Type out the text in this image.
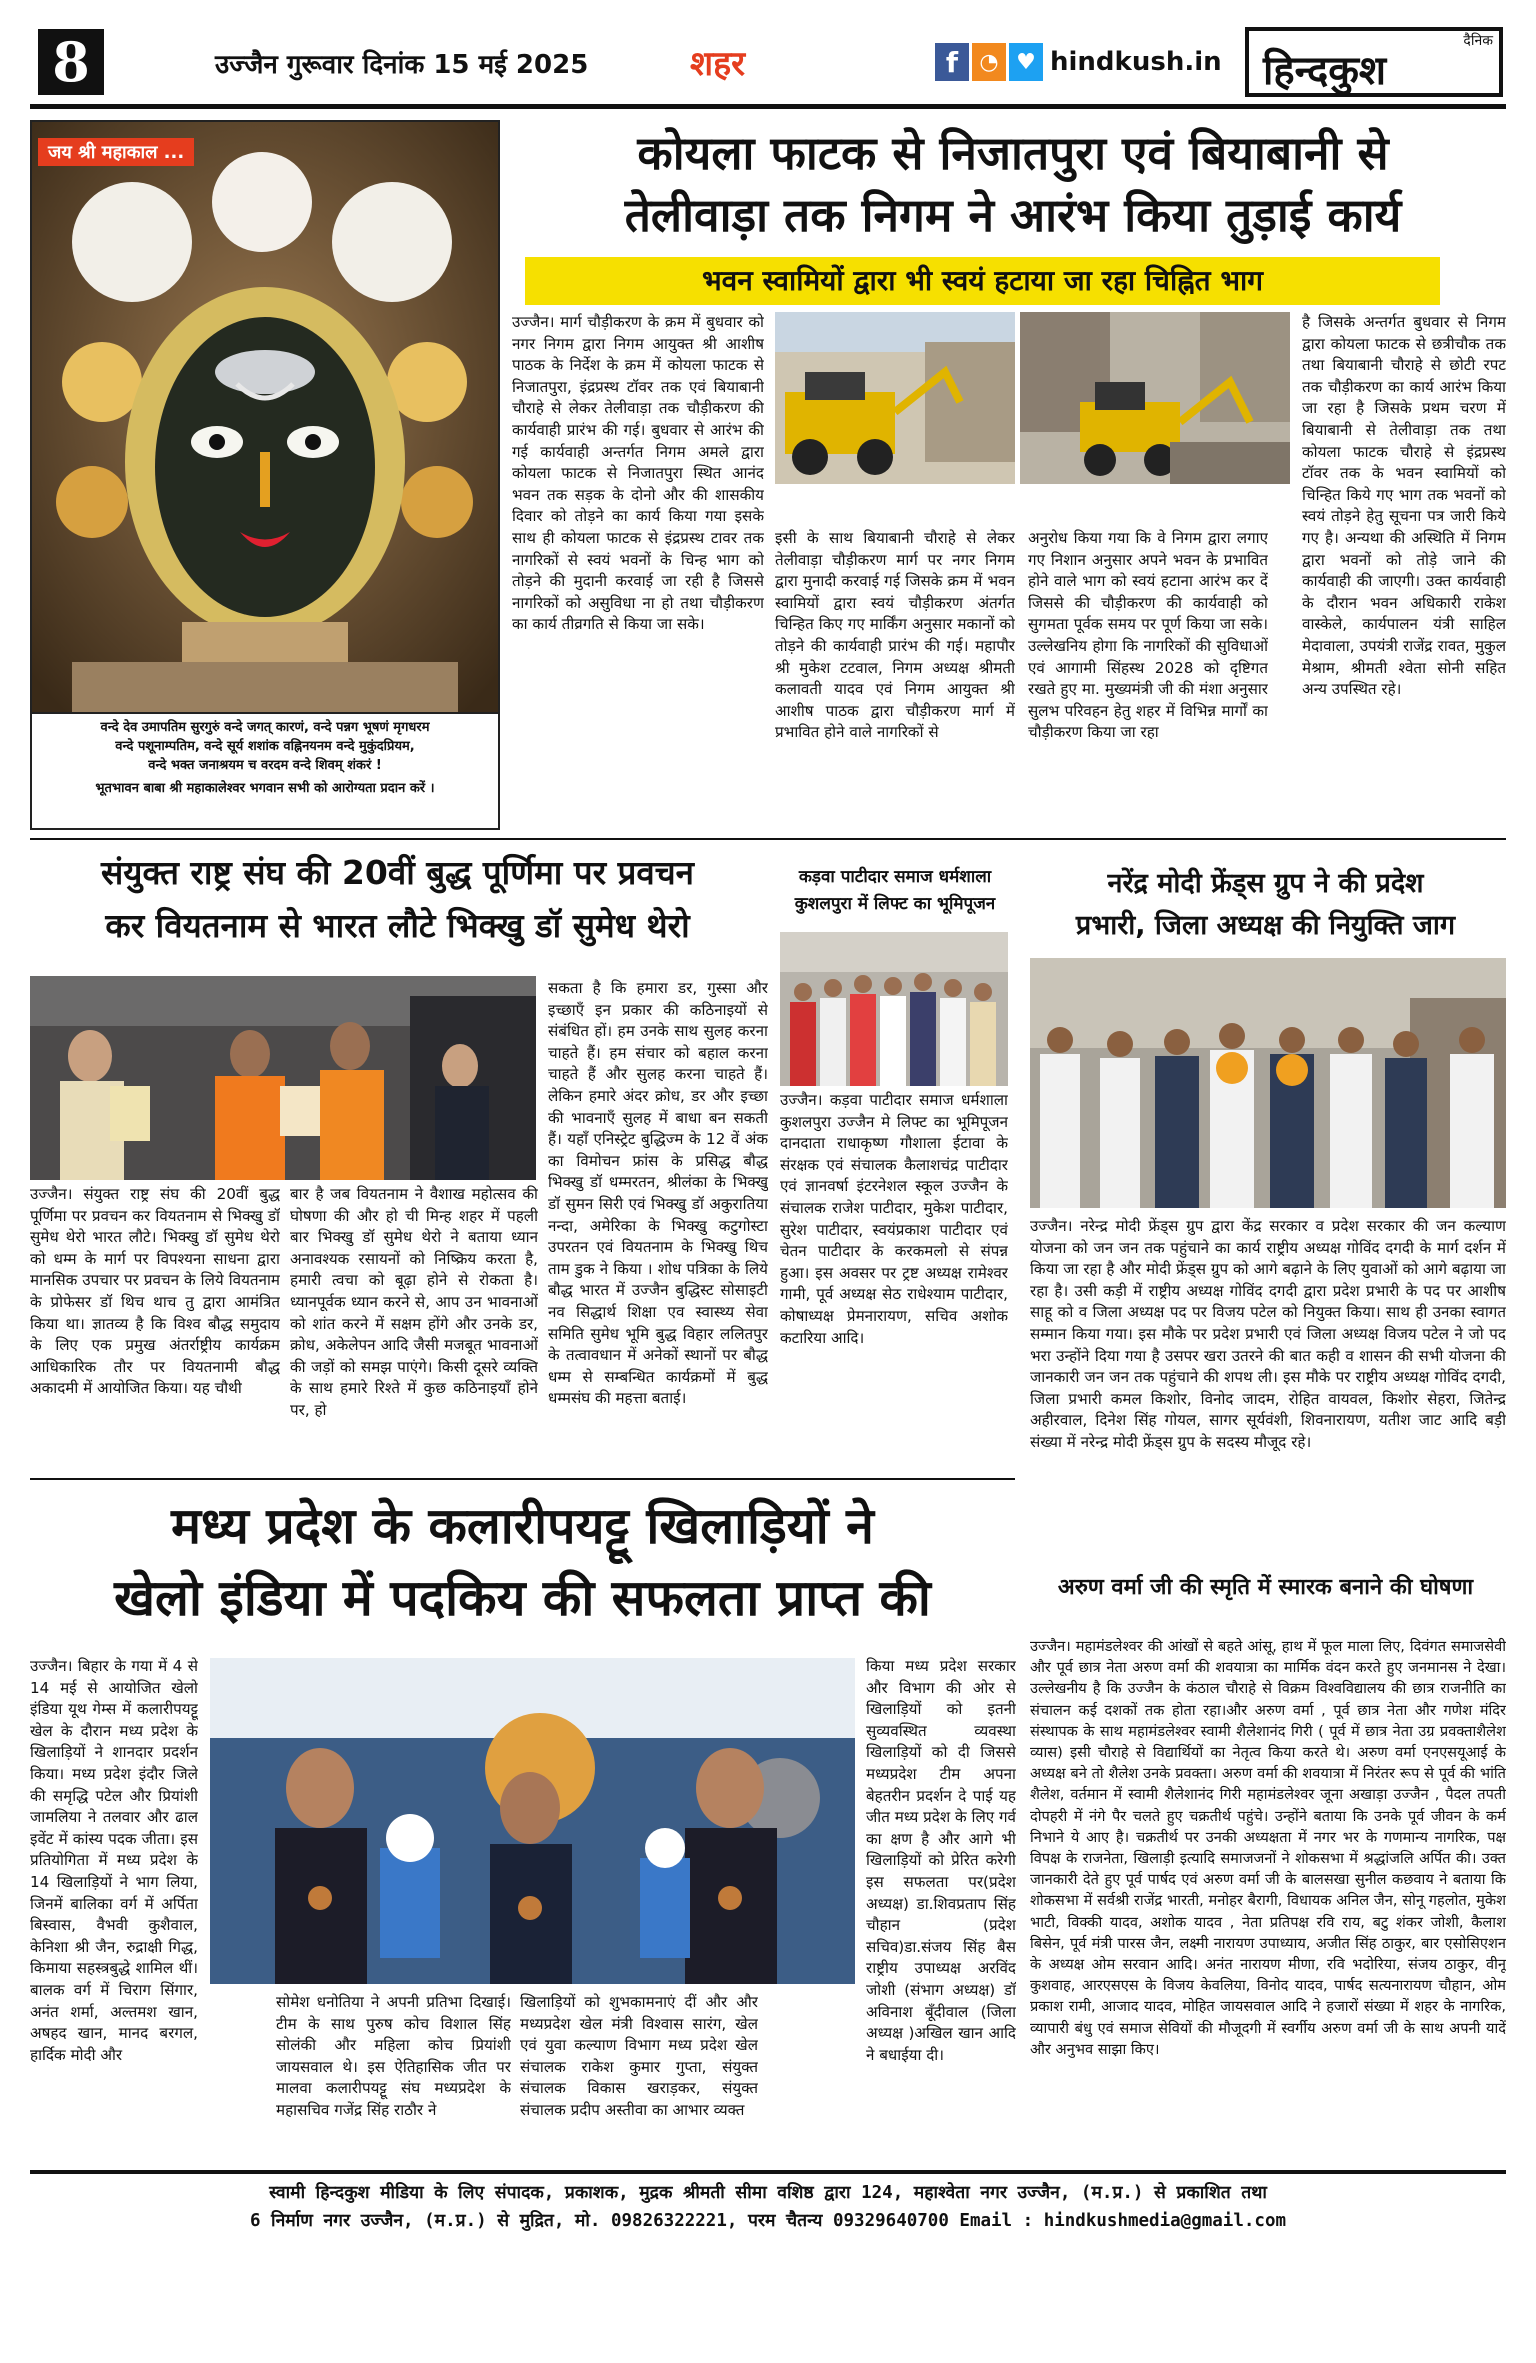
8	उज्जैन गुरूवार दिनांक 15 मई 2025	शहर	f ◔ ♥ hindkush.in
दैनिक
हिन्दकुश
जय श्री महाकाल ...
वन्दे देव उमापतिम सुरगुरुं वन्दे जगत् कारणं, वन्दे पन्नग भूषणं मृगधरम
वन्दे पशूनाम्पतिम, वन्दे सूर्य शशांक वह्निनयनम वन्दे मुकुंदप्रियम,
वन्दे भक्त जनाश्रयम च वरदम वन्दे शिवम् शंकरं !
भूतभावन बाबा श्री महाकालेश्वर भगवान सभी को आरोग्यता प्रदान करें ।
कोयला फाटक से निजातपुरा एवं बियाबानी से
तेलीवाड़ा तक निगम ने आरंभ किया तुड़ाई कार्य
भवन स्वामियों द्वारा भी स्वयं हटाया जा रहा चिह्नित भाग
उज्जैन। मार्ग चौड़ीकरण के क्रम में बुधवार को नगर निगम द्वारा निगम आयुक्त श्री आशीष पाठक के निर्देश के क्रम में कोयला फाटक से निजातपुरा, इंद्रप्रस्थ टॉवर तक एवं बियाबानी चौराहे से लेकर तेलीवाड़ा तक चौड़ीकरण की कार्यवाही प्रारंभ की गई। बुधवार से आरंभ की गई कार्यवाही अन्तर्गत निगम अमले द्वारा कोयला फाटक से निजातपुरा स्थित आनंद भवन तक सड़क के दोनो और की शासकीय दिवार को तोड़ने का कार्य किया गया इसके साथ ही कोयला फाटक से इंद्रप्रस्थ टावर तक नागरिकों से स्वयं भवनों के चिन्ह भाग को तोड़ने की मुदानी करवाई जा रही है जिससे नागरिकों को असुविधा ना हो तथा चौड़ीकरण का कार्य तीव्रगति से किया जा सके।
इसी के साथ बियाबानी चौराहे से लेकर तेलीवाड़ा चौड़ीकरण मार्ग पर नगर निगम द्वारा मुनादी करवाई गई जिसके क्रम में भवन स्वामियों द्वारा स्वयं चौड़ीकरण अंतर्गत चिन्हित किए गए मार्किंग अनुसार मकानों को तोड़ने की कार्यवाही प्रारंभ की गई। महापौर श्री मुकेश टटवाल, निगम अध्यक्ष श्रीमती कलावती यादव एवं निगम आयुक्त श्री आशीष पाठक द्वारा चौड़ीकरण मार्ग में प्रभावित होने वाले नागरिकों से
अनुरोध किया गया कि वे निगम द्वारा लगाए गए निशान अनुसार अपने भवन के प्रभावित होने वाले भाग को स्वयं हटाना आरंभ कर दें जिससे की चौड़ीकरण की कार्यवाही को सुगमता पूर्वक समय पर पूर्ण किया जा सके। उल्लेखनिय होगा कि नागरिकों की सुविधाओं एवं आगामी सिंहस्थ 2028 को दृष्टिगत रखते हुए मा. मुख्यमंत्री जी की मंशा अनुसार सुलभ परिवहन हेतु शहर में विभिन्न मार्गों का चौड़ीकरण किया जा रहा
है जिसके अन्तर्गत बुधवार से निगम द्वारा कोयला फाटक से छत्रीचौक तक तथा बियाबानी चौराहे से छोटी रपट तक चौड़ीकरण का कार्य आरंभ किया जा रहा है जिसके प्रथम चरण में बियाबानी से तेलीवाड़ा तक तथा कोयला फाटक चौराहे से इंद्रप्रस्थ टॉवर तक के भवन स्वामियों को चिन्हित किये गए भाग तक भवनों को स्वयं तोड़ने हेतु सूचना पत्र जारी किये गए है। अन्यथा की अस्थिति में निगम द्वारा भवनों को तोड़े जाने की कार्यवाही की जाएगी। उक्त कार्यवाही के दौरान भवन अधिकारी राकेश वास्केले, कार्यपालन यंत्री साहिल मेदावाला, उपयंत्री राजेंद्र रावत, मुकुल मेश्राम, श्रीमती श्वेता सोनी सहित अन्य उपस्थित रहे।
संयुक्त राष्ट्र संघ की 20वीं बुद्ध पूर्णिमा पर प्रवचन
कर वियतनाम से भारत लौटे भिक्खु डॉ सुमेध थेरो
उज्जैन। संयुक्त राष्ट्र संघ की 20वीं बुद्ध पूर्णिमा पर प्रवचन कर वियतनाम से भिक्खु डॉ सुमेध थेरो भारत लौटे। भिक्खु डॉ सुमेध थेरो को धम्म के मार्ग पर विपश्यना साधना द्वारा मानसिक उपचार पर प्रवचन के लिये वियतनाम के प्रोफेसर डॉ थिच थाच तु द्वारा आमंत्रित किया था। ज्ञातव्य है कि विश्व बौद्ध समुदाय के लिए एक प्रमुख अंतर्राष्ट्रीय कार्यक्रम आधिकारिक तौर पर वियतनामी बौद्ध अकादमी में आयोजित किया। यह चौथी
बार है जब वियतनाम ने वैशाख महोत्सव की घोषणा की और हो ची मिन्ह शहर में पहली बार भिक्खु डॉ सुमेध थेरो ने बताया ध्यान अनावश्यक रसायनों को निष्क्रिय करता है, हमारी त्वचा को बूढ़ा होने से रोकता है। ध्यानपूर्वक ध्यान करने से, आप उन भावनाओं को शांत करने में सक्षम होंगे और उनके डर, क्रोध, अकेलेपन आदि जैसी मजबूत भावनाओं की जड़ों को समझ पाएंगे। किसी दूसरे व्यक्ति के साथ हमारे रिश्ते में कुछ कठिनाइयाँ होने पर, हो
सकता है कि हमारा डर, गुस्सा और इच्छाएँ इन प्रकार की कठिनाइयों से संबंधित हों। हम उनके साथ सुलह करना चाहते हैं। हम संचार को बहाल करना चाहते हैं और सुलह करना चाहते हैं। लेकिन हमारे अंदर क्रोध, डर और इच्छा की भावनाएँ सुलह में बाधा बन सकती हैं। यहाँ एनिस्ट्रेट बुद्धिज्म के 12 वें अंक का विमोचन फ्रांस के प्रसिद्ध बौद्ध भिक्खु डॉ धम्मरतन, श्रीलंका के भिक्खु डॉ सुमन सिरी एवं भिक्खु डॉ अकुरातिया नन्दा, अमेरिका के भिक्खु कटुगोस्टा उपरतन एवं वियतनाम के भिक्खु थिच ताम डुक ने किया । शोध पत्रिका के लिये बौद्ध भारत में उज्जैन बुद्धिस्ट सोसाइटी नव सिद्धार्थ शिक्षा एव स्वास्थ्य सेवा समिति सुमेध भूमि बुद्ध विहार ललितपुर के तत्वावधान में अनेकों स्थानों पर बौद्ध धम्म से सम्बन्धित कार्यक्रमों में बुद्ध धम्मसंघ की महत्ता बताई।
कड़वा पाटीदार समाज धर्मशाला
कुशलपुरा में लिफ्ट का भूमिपूजन
उज्जैन। कड़वा पाटीदार समाज धर्मशाला कुशलपुरा उज्जैन मे लिफ्ट का भूमिपूजन दानदाता राधाकृष्ण गौशाला ईटावा के संरक्षक एवं संचालक कैलाशचंद्र पाटीदार एवं ज्ञानवर्षा इंटरनेशल स्कूल उज्जैन के संचालक राजेश पाटीदार, मुकेश पाटीदार, सुरेश पाटीदार, स्वयंप्रकाश पाटीदार एवं चेतन पाटीदार के करकमलो से संपन्न हुआ। इस अवसर पर ट्रष्ट अध्यक्ष रामेश्वर गामी, पूर्व अध्यक्ष सेठ राधेश्याम पाटीदार, कोषाध्यक्ष प्रेमनारायण, सचिव अशोक कटारिया आदि।
नरेंद्र मोदी फ्रेंड्स ग्रुप ने की प्रदेश
प्रभारी, जिला अध्यक्ष की नियुक्ति जाग
उज्जैन। नरेन्द्र मोदी फ्रेंड्स ग्रुप द्वारा केंद्र सरकार व प्रदेश सरकार की जन कल्याण योजना को जन जन तक पहुंचाने का कार्य राष्ट्रीय अध्यक्ष गोविंद दगदी के मार्ग दर्शन में किया जा रहा है और मोदी फ्रेंड्स ग्रुप को आगे बढ़ाने के लिए युवाओं को आगे बढ़ाया जा रहा है। उसी कड़ी में राष्ट्रीय अध्यक्ष गोविंद दगदी द्वारा प्रदेश प्रभारी के पद पर आशीष साहू को व जिला अध्यक्ष पद पर विजय पटेल को नियुक्त किया। साथ ही उनका स्वागत सम्मान किया गया। इस मौके पर प्रदेश प्रभारी एवं जिला अध्यक्ष विजय पटेल ने जो पद भरा उन्होंने दिया गया है उसपर खरा उतरने की बात कही व शासन की सभी योजना की जानकारी जन जन तक पहुंचाने की शपथ ली। इस मौके पर राष्ट्रीय अध्यक्ष गोविंद दगदी, जिला प्रभारी कमल किशोर, विनोद जादम, रोहित वायवल, किशोर सेहरा, जितेन्द्र अहीरवाल, दिनेश सिंह गोयल, सागर सूर्यवंशी, शिवनारायण, यतीश जाट आदि बड़ी संख्या में नरेन्द्र मोदी फ्रेंड्स ग्रुप के सदस्य मौजूद रहे।
मध्य प्रदेश के कलारीपयट्टू खिलाड़ियों ने
खेलो इंडिया में पदकिय की सफलता प्राप्त की
उज्जैन। बिहार के गया में 4 से 14 मई से आयोजित खेलो इंडिया यूथ गेम्स में कलारीपयट्टू खेल के दौरान मध्य प्रदेश के खिलाड़ियों ने शानदार प्रदर्शन किया। मध्य प्रदेश इंदौर जिले की समृद्धि पटेल और प्रियांशी जामलिया ने तलवार और ढाल इवेंट में कांस्य पदक जीता। इस प्रतियोगिता में मध्य प्रदेश के 14 खिलाड़ियों ने भाग लिया, जिनमें बालिका वर्ग में अर्पिता बिस्वास, वैभवी कुशैवाल, केनिशा श्री जैन, रुद्राक्षी गिद्ध, किमाया सहस्त्रबुद्धे शामिल थीं। बालक वर्ग में चिराग सिंगार, अनंत शर्मा, अल्तमश खान, अषहद खान, मानद बरगल, हार्दिक मोदी और
सोमेश धनोतिया ने अपनी प्रतिभा दिखाई। टीम के साथ पुरुष कोच विशाल सिंह सोलंकी और महिला कोच प्रियांशी जायसवाल थे। इस ऐतिहासिक जीत पर मालवा कलारीपयट्टू संघ मध्यप्रदेश के महासचिव गजेंद्र सिंह राठौर ने
खिलाड़ियों को शुभकामनाएं दीं और और मध्यप्रदेश खेल मंत्री विश्वास सारंग, खेल एवं युवा कल्याण विभाग मध्य प्रदेश खेल संचालक राकेश कुमार गुप्ता, संयुक्त संचालक विकास खराड़कर, संयुक्त संचालक प्रदीप अस्तीवा का आभार व्यक्त
किया मध्य प्रदेश सरकार और विभाग की ओर से खिलाड़ियों को इतनी सुव्यवस्थित व्यवस्था खिलाड़ियों को दी जिससे मध्यप्रदेश टीम अपना बेहतरीन प्रदर्शन दे पाई यह जीत मध्य प्रदेश के लिए गर्व का क्षण है और आगे भी खिलाड़ियों को प्रेरित करेगी इस सफलता पर(प्रदेश अध्यक्ष) डा.शिवप्रताप सिंह चौहान (प्रदेश सचिव)डा.संजय सिंह बैस राष्ट्रीय उपाध्यक्ष अरविंद जोशी (संभाग अध्यक्ष) डॉ अविनाश बूँदीवाल (जिला अध्यक्ष )अखिल खान आदि ने बधाईया दी।
अरुण वर्मा जी की स्मृति में स्मारक बनाने की घोषणा
उज्जैन। महामंडलेश्वर की आंखों से बहते आंसू, हाथ में फूल माला लिए, दिवंगत समाजसेवी और पूर्व छात्र नेता अरुण वर्मा की शवयात्रा का मार्मिक वंदन करते हुए जनमानस ने देखा। उल्लेखनीय है कि उज्जैन के कंठाल चौराहे से विक्रम विश्वविद्यालय की छात्र राजनीति का संचालन कई दशकों तक होता रहा।और अरुण वर्मा , पूर्व छात्र नेता और गणेश मंदिर संस्थापक के साथ महामंडलेश्वर स्वामी शैलेशानंद गिरी ( पूर्व में छात्र नेता उग्र प्रवक्ताशैलेश व्यास) इसी चौराहे से विद्यार्थियों का नेतृत्व किया करते थे। अरुण वर्मा एनएसयूआई के अध्यक्ष बने तो शैलेश उनके प्रवक्ता। अरुण वर्मा की शवयात्रा में निरंतर रूप से पूर्व की भांति शैलेश, वर्तमान में स्वामी शैलेशानंद गिरी महामंडलेश्वर जूना अखाड़ा उज्जैन , पैदल तपती दोपहरी में नंगे पैर चलते हुए चक्रतीर्थ पहुंचे। उन्होंने बताया कि उनके पूर्व जीवन के कर्म निभाने ये आए है। चक्रतीर्थ पर उनकी अध्यक्षता में नगर भर के गणमान्य नागरिक, पक्ष विपक्ष के राजनेता, खिलाड़ी इत्यादि समाजजनों ने शोकसभा में श्रद्धांजलि अर्पित की। उक्त जानकारी देते हुए पूर्व पार्षद एवं अरुण वर्मा जी के बालसखा सुनील कछवाय ने बताया कि शोकसभा में सर्वश्री राजेंद्र भारती, मनोहर बैरागी, विधायक अनिल जैन, सोनू गहलोत, मुकेश भाटी, विक्की यादव, अशोक यादव , नेता प्रतिपक्ष रवि राय, बटु शंकर जोशी, कैलाश बिसेन, पूर्व मंत्री पारस जैन, लक्ष्मी नारायण उपाध्याय, अजीत सिंह ठाकुर, बार एसोसिएशन के अध्यक्ष ओम सरवान आदि। अनंत नारायण मीणा, रवि भदोरिया, संजय ठाकुर, वीनू कुशवाह, आरएसएस के विजय केवलिया, विनोद यादव, पार्षद सत्यनारायण चौहान, ओम प्रकाश रामी, आजाद यादव, मोहित जायसवाल आदि ने हजारों संख्या में शहर के नागरिक, व्यापारी बंधु एवं समाज सेवियों की मौजूदगी में स्वर्गीय अरुण वर्मा जी के साथ अपनी यादें और अनुभव साझा किए।
स्वामी हिन्दकुश मीडिया के लिए संपादक, प्रकाशक, मुद्रक श्रीमती सीमा वशिष्ठ द्वारा 124, महाश्वेता नगर उज्जैन, (म.प्र.) से प्रकाशित तथा
6 निर्माण नगर उज्जैन, (म.प्र.) से मुद्रित, मो. 09826322221, परम चैतन्य 09329640700 Email : hindkushmedia@gmail.com
